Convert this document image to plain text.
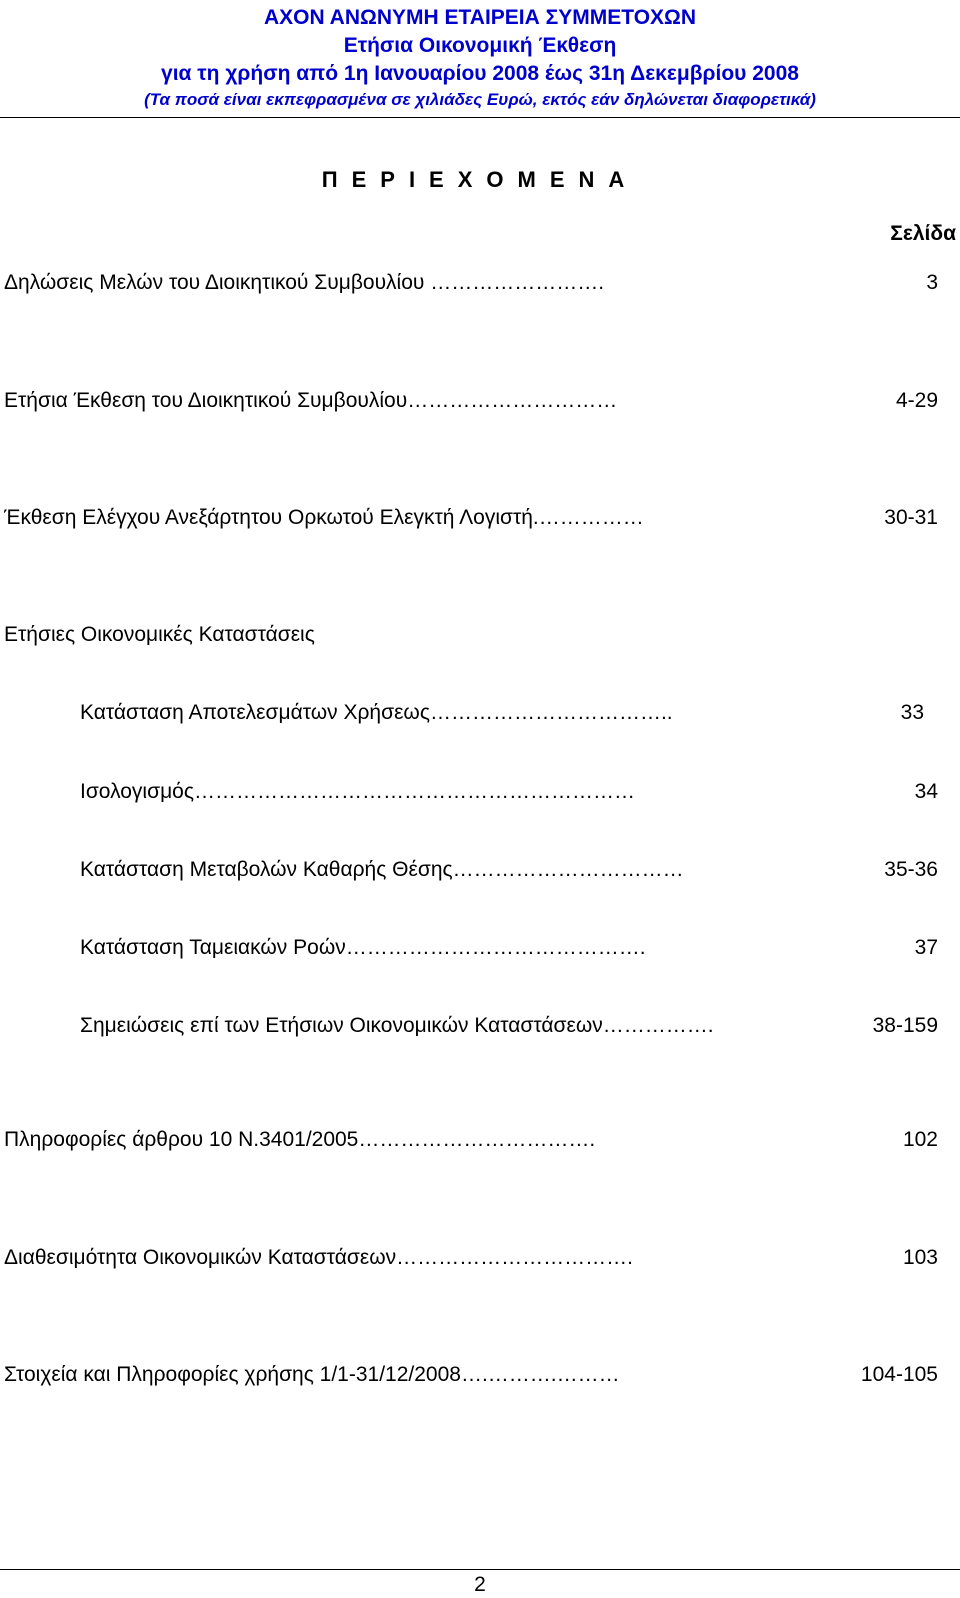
ΑΧΟΝ ΑΝΩΝΥΜΗ ΕΤΑΙΡΕΙΑ ΣΥΜΜΕΤΟΧΩΝ
Ετήσια Οικονομική Έκθεση
για τη χρήση από 1η Ιανουαρίου 2008 έως 31η Δεκεμβρίου 2008
(Τα ποσά είναι εκπεφρασμένα σε χιλιάδες Ευρώ, εκτός εάν δηλώνεται διαφορετικά)
ΠΕΡΙΕΧΟΜΕΝΑ
Σελίδα
Δηλώσεις Μελών του Διοικητικού Συμβουλίου …………………….	3
Ετήσια Έκθεση του Διοικητικού Συμβουλίου…………………………	4-29
Έκθεση Ελέγχου Ανεξάρτητου Ορκωτού Ελεγκτή Λογιστή.……………	30-31
Ετήσιες Οικονομικές Καταστάσεις
Κατάσταση Αποτελεσμάτων Χρήσεως……………………………..	33
Ισολογισμός………………………………………………………	34
Κατάσταση Μεταβολών Καθαρής Θέσης……………………………	35-36
Κατάσταση Ταμειακών Ροών…………………………………….	37
Σημειώσεις επί των Ετήσιων Οικονομικών Καταστάσεων…………….	38-159
Πληροφορίες άρθρου 10 Ν.3401/2005…………………………….	102
Διαθεσιμότητα Οικονομικών Καταστάσεων…………………………….	103
Στοιχεία και Πληροφορίες χρήσης 1/1-31/12/2008….……….………	104-105
2
